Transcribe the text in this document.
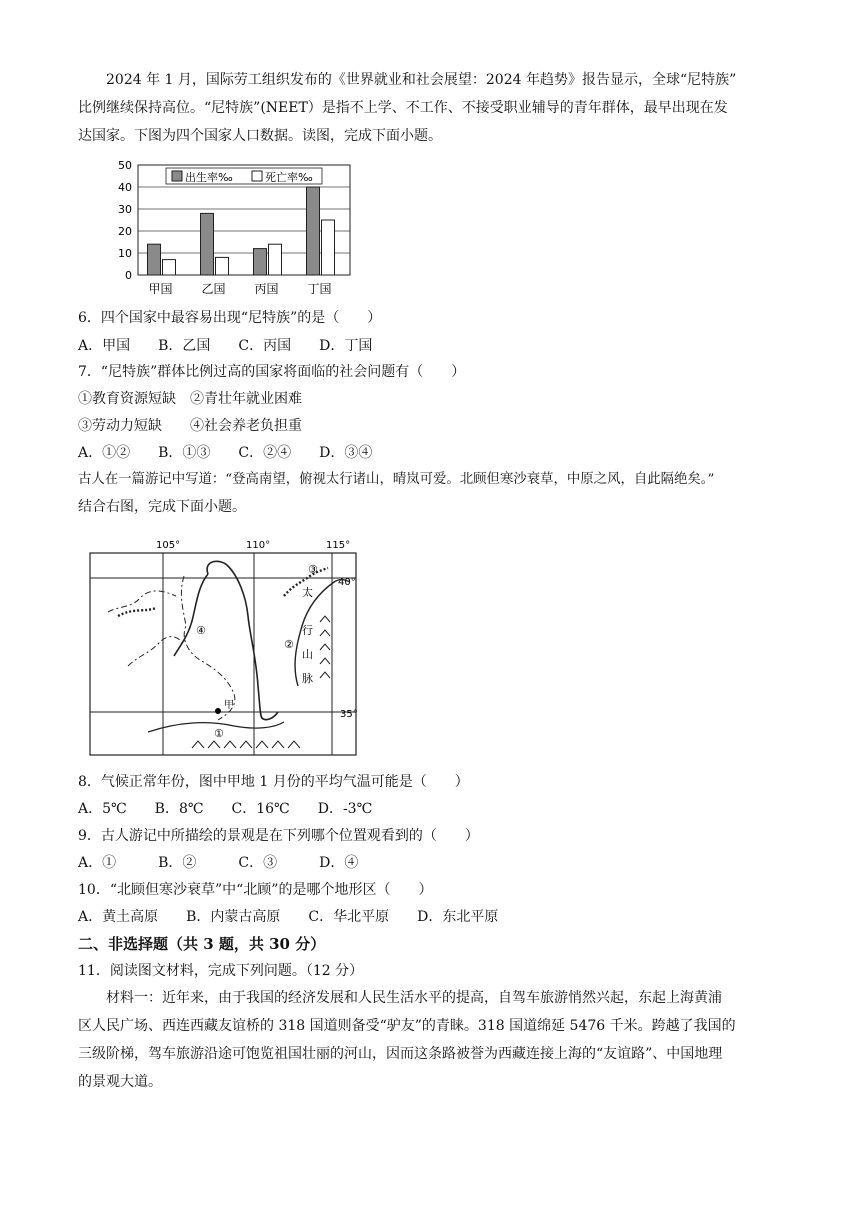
2024 年 1 月，国际劳工组织发布的《世界就业和社会展望：2024 年趋势》报告显示，全球“尼特族”
比例继续保持高位。“尼特族”(NEET）是指不上学、不工作、不接受职业辅导的青年群体，最早出现在发
达国家。下图为四个国家人口数据。读图，完成下面小题。
0
10
20
30
40
50
甲国 乙国 丙国 丁国
出生率‰	死亡率‰
6．四个国家中最容易出现“尼特族”的是（　　）
A．甲国　　B．乙国　　C．丙国　　D．丁国
7．“尼特族”群体比例过高的国家将面临的社会问题有（　　）
①教育资源短缺　②青壮年就业困难
③劳动力短缺　　④社会养老负担重
A．①②　　B．①③　　C．②④　　D．③④
古人在一篇游记中写道：“登高南望，俯视太行诸山，晴岚可爱。北顾但寒沙衰草，中原之风，自此隔绝矣。”
结合右图，完成下面小题。
105°	110°	115°
40°
35°
太
行
山
脉
①
②
③
④
甲
8．气候正常年份，图中甲地 1 月份的平均气温可能是（　　）
A．5℃　　B．8℃　　C．16℃　　D．-3℃
9．古人游记中所描绘的景观是在下列哪个位置观看到的（　　）
A．①　　　B．②　　　C．③　　　D．④
10．“北顾但寒沙衰草”中“北顾”的是哪个地形区（　　）
A．黄土高原　　B．内蒙古高原　　C．华北平原　　D．东北平原
二、非选择题（共 3 题，共 30 分）
11．阅读图文材料，完成下列问题。（12 分）
材料一：近年来，由于我国的经济发展和人民生活水平的提高，自驾车旅游悄然兴起，东起上海黄浦
区人民广场、西连西藏友谊桥的 318 国道则备受“驴友”的青睐。318 国道绵延 5476 千米。跨越了我国的
三级阶梯，驾车旅游沿途可饱览祖国壮丽的河山，因而这条路被誉为西藏连接上海的“友谊路”、中国地理
的景观大道。
